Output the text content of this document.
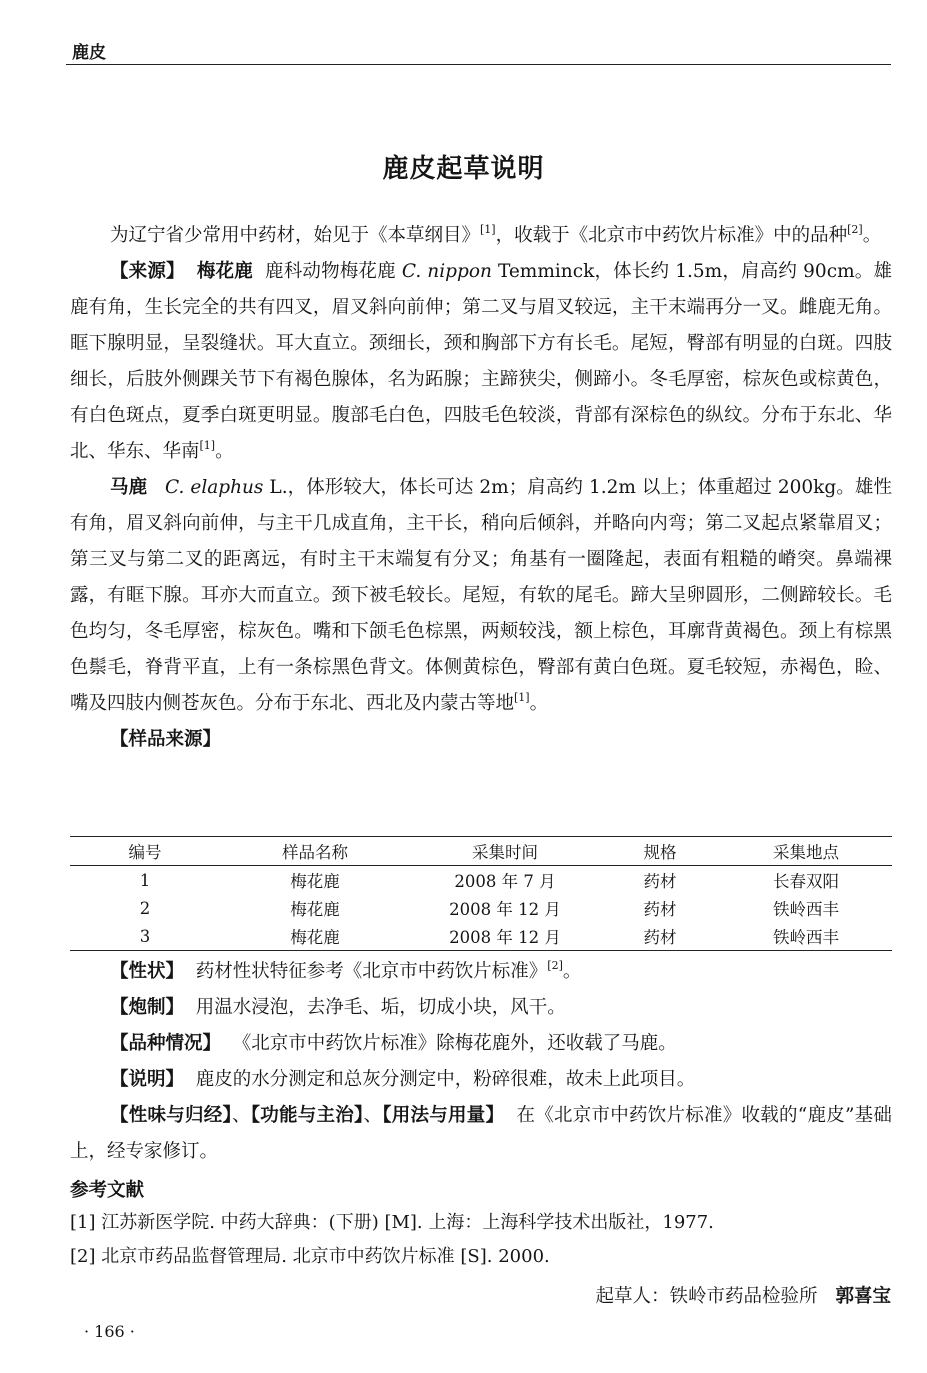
鹿皮
鹿皮起草说明

为辽宁省少常用中药材，始见于《本草纲目》[1]，收载于《北京市中药饮片标准》中的品种[2]。

【来源】 梅花鹿 鹿科动物梅花鹿 C. nippon Temminck，体长约 1.5m，肩高约 90cm。雄鹿有角，生长完全的共有四叉，眉叉斜向前伸；第二叉与眉叉较远，主干末端再分一叉。雌鹿无角。眶下腺明显，呈裂缝状。耳大直立。颈细长，颈和胸部下方有长毛。尾短，臀部有明显的白斑。四肢细长，后肢外侧踝关节下有褐色腺体，名为跖腺；主蹄狭尖，侧蹄小。冬毛厚密，棕灰色或棕黄色，有白色斑点，夏季白斑更明显。腹部毛白色，四肢毛色较淡，背部有深棕色的纵纹。分布于东北、华北、华东、华南[1]。

马鹿 C. elaphus L.，体形较大，体长可达 2m；肩高约 1.2m 以上；体重超过 200kg。雄性有角，眉叉斜向前伸，与主干几成直角，主干长，稍向后倾斜，并略向内弯；第二叉起点紧靠眉叉；第三叉与第二叉的距离远，有时主干末端复有分叉；角基有一圈隆起，表面有粗糙的嵴突。鼻端裸露，有眶下腺。耳亦大而直立。颈下被毛较长。尾短，有软的尾毛。蹄大呈卵圆形，二侧蹄较长。毛色均匀，冬毛厚密，棕灰色。嘴和下颌毛色棕黑，两颊较浅，额上棕色，耳廓背黄褐色。颈上有棕黑色鬃毛，脊背平直，上有一条棕黑色背文。体侧黄棕色，臀部有黄白色斑。夏毛较短，赤褐色，睑、嘴及四肢内侧苍灰色。分布于东北、西北及内蒙古等地[1]。

【样品来源】

编号	样品名称	采集时间	规格	采集地点
1	梅花鹿	2008 年 7 月	药材	长春双阳
2	梅花鹿	2008 年 12 月	药材	铁岭西丰
3	梅花鹿	2008 年 12 月	药材	铁岭西丰

【性状】 药材性状特征参考《北京市中药饮片标准》[2]。

【炮制】 用温水浸泡，去净毛、垢，切成小块，风干。

【品种情况】 《北京市中药饮片标准》除梅花鹿外，还收载了马鹿。

【说明】 鹿皮的水分测定和总灰分测定中，粉碎很难，故未上此项目。

【性味与归经】、【功能与主治】、【用法与用量】 在《北京市中药饮片标准》收载的“鹿皮”基础上，经专家修订。

参考文献
[1] 江苏新医学院. 中药大辞典：(下册) [M]. 上海：上海科学技术出版社，1977.
[2] 北京市药品监督管理局. 北京市中药饮片标准 [S]. 2000.
起草人：铁岭市药品检验所 郭喜宝
· 166 ·
